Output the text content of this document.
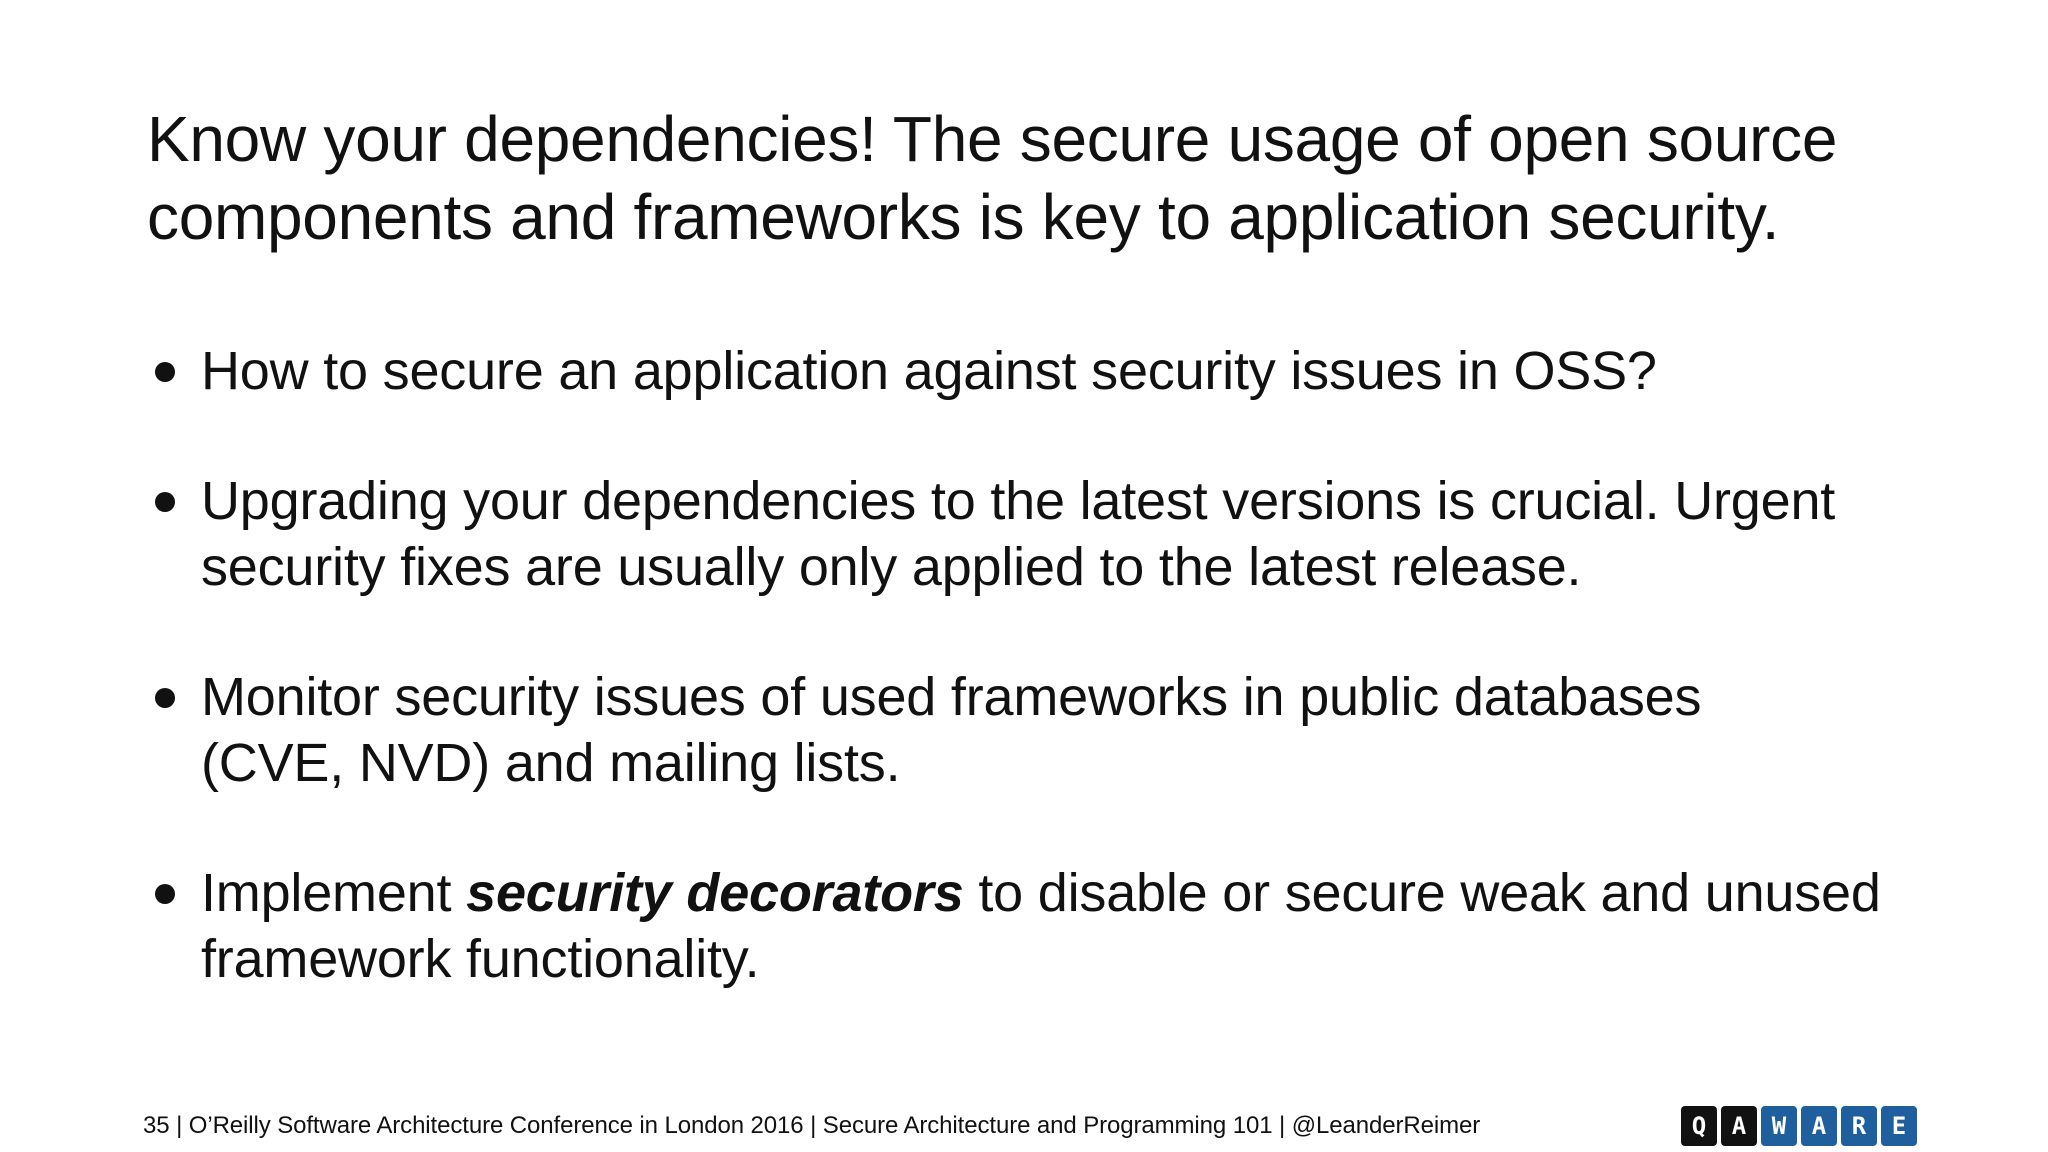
Know your dependencies! The secure usage of open source
components and frameworks is key to application security.
How to secure an application against security issues in OSS?
Upgrading your dependencies to the latest versions is crucial. Urgent
security fixes are usually only applied to the latest release.
Monitor security issues of used frameworks in public databases
(CVE, NVD) and mailing lists.
Implement security decorators to disable or secure weak and unused
framework functionality.
35 | O’Reilly Software Architecture Conference in London 2016 | Secure Architecture and Programming 101 | @LeanderReimer	Q	A	W	A	R	E
